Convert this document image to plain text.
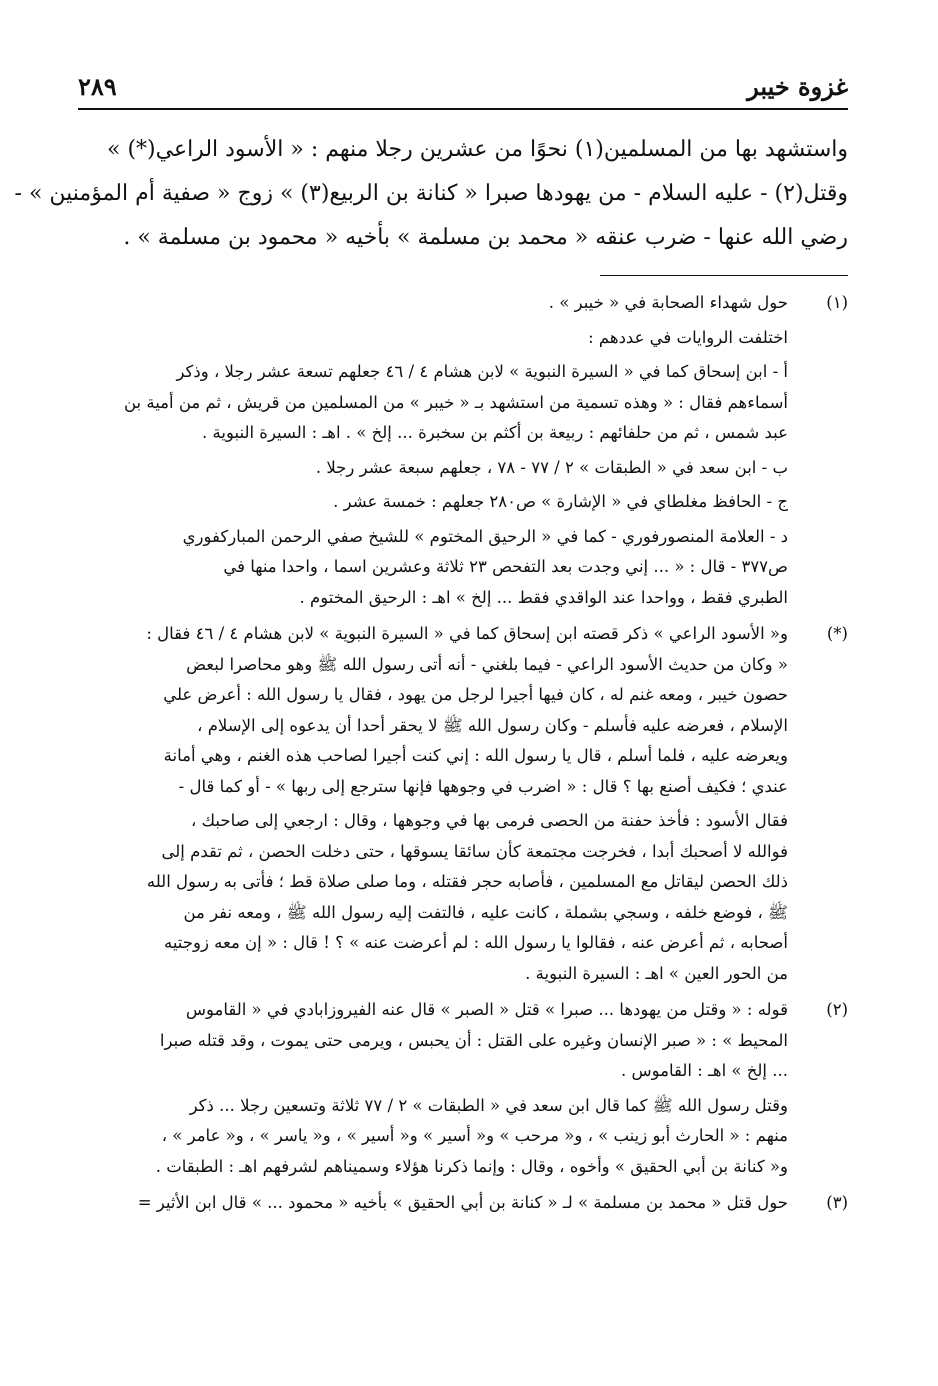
غزوة خيبر
٢٨٩
واستشهد بها من المسلمين(١) نحوًا من عشرين رجلا منهم : « الأسود الراعي(*) »
وقتل(٢) - عليه السلام - من يهودها صبرا « كنانة بن الربيع(٣) » زوج « صفية أم المؤمنين » -
رضي الله عنها - ضرب عنقه « محمد بن مسلمة » بأخيه « محمود بن مسلمة » .
(١)

حول شهداء الصحابة في « خيبر » .

اختلفت الروايات في عددهم :

أ - ابن إسحاق كما في « السيرة النبوية » لابن هشام ٤ / ٤٦ جعلهم تسعة عشر رجلا ، وذكر
أسماءهم فقال : « وهذه تسمية من استشهد بـ « خيبر » من المسلمين من قريش ، ثم من أمية بن
عبد شمس ، ثم من حلفائهم : ربيعة بن أكثم بن سخبرة ... إلخ » . اهـ : السيرة النبوية .

ب - ابن سعد في « الطبقات » ٢ / ٧٧ - ٧٨ ، جعلهم سبعة عشر رجلا .

ج - الحافظ مغلطاي في « الإشارة » ص٢٨٠ جعلهم : خمسة عشر .

د - العلامة المنصورفوري - كما في « الرحيق المختوم » للشيخ صفي الرحمن المباركفوري
ص٣٧٧ - قال : « ... إني وجدت بعد التفحص ٢٣ ثلاثة وعشرين اسما ، واحدا منها في
الطبري فقط ، وواحدا عند الواقدي فقط ... إلخ » اهـ : الرحيق المختوم .

(*)

و« الأسود الراعي » ذكر قصته ابن إسحاق كما في « السيرة النبوية » لابن هشام ٤ / ٤٦ فقال :
« وكان من حديث الأسود الراعي - فيما بلغني - أنه أتى رسول الله ﷺ وهو محاصرا لبعض
حصون خيبر ، ومعه غنم له ، كان فيها أجيرا لرجل من يهود ، فقال يا رسول الله : أعرض علي
الإسلام ، فعرضه عليه فأسلم - وكان رسول الله ﷺ لا يحقر أحدا أن يدعوه إلى الإسلام ،
ويعرضه عليه ، فلما أسلم ، قال يا رسول الله : إني كنت أجيرا لصاحب هذه الغنم ، وهي أمانة
عندي ؛ فكيف أصنع بها ؟ قال : « اضرب في وجوهها فإنها سترجع إلى ربها » - أو كما قال -

فقال الأسود : فأخذ حفنة من الحصى فرمى بها في وجوهها ، وقال : ارجعي إلى صاحبك ،
فوالله لا أصحبك أبدا ، فخرجت مجتمعة كأن سائقا يسوقها ، حتى دخلت الحصن ، ثم تقدم إلى
ذلك الحصن ليقاتل مع المسلمين ، فأصابه حجر فقتله ، وما صلى صلاة قط ؛ فأتى به رسول الله
ﷺ ، فوضع خلفه ، وسجي بشملة ، كانت عليه ، فالتفت إليه رسول الله ﷺ ، ومعه نفر من
أصحابه ، ثم أعرض عنه ، فقالوا يا رسول الله : لم أعرضت عنه » ؟ ! قال : « إن معه زوجتيه
من الحور العين » اهـ : السيرة النبوية .

(٢)

قوله : « وقتل من يهودها ... صبرا » قتل « الصبر » قال عنه الفيروزابادي في « القاموس
المحيط » : « صبر الإنسان وغيره على القتل : أن يحبس ، ويرمى حتى يموت ، وقد قتله صبرا
... إلخ » اهـ : القاموس .

وقتل رسول الله ﷺ كما قال ابن سعد في « الطبقات » ٢ / ٧٧ ثلاثة وتسعين رجلا ... ذكر
منهم : « الحارث أبو زينب » ، و« مرحب » و« أسير » و« أسير » ، و« ياسر » ، و« عامر » ،
و« كنانة بن أبي الحقيق » وأخوه ، وقال : وإنما ذكرنا هؤلاء وسميناهم لشرفهم اهـ : الطبقات .

(٣)

حول قتل « محمد بن مسلمة » لـ « كنانة بن أبي الحقيق » بأخيه « محمود ... » قال ابن الأثير =
